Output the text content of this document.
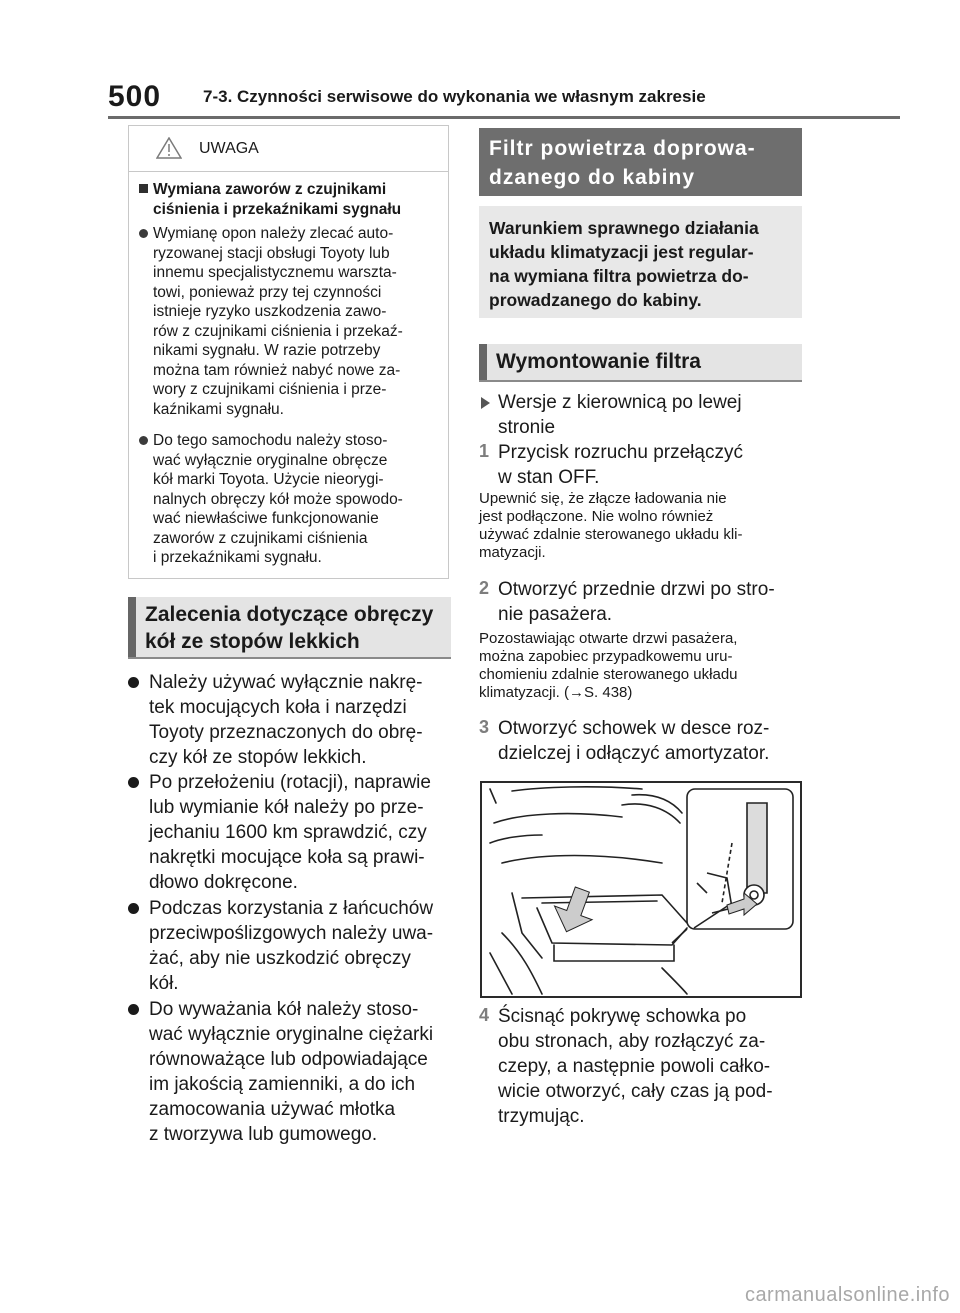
500 7-3. Czynności serwisowe do wykonania we własnym zakresie
UWAGA
Wymiana zaworów z czujnikami
ciśnienia i przekaźnikami sygnału
Wymianę opon należy zlecać auto-
ryzowanej stacji obsługi Toyoty lub
innemu specjalistycznemu warszta-
towi, ponieważ przy tej czynności
istnieje ryzyko uszkodzenia zawo-
rów z czujnikami ciśnienia i przekaź-
nikami sygnału. W razie potrzeby
można tam również nabyć nowe za-
wory z czujnikami ciśnienia i prze-
kaźnikami sygnału.
Do tego samochodu należy stoso-
wać wyłącznie oryginalne obręcze
kół marki Toyota. Użycie nieorygi-
nalnych obręczy kół może spowodo-
wać niewłaściwe funkcjonowanie
zaworów z czujnikami ciśnienia
i przekaźnikami sygnału.
Zalecenia dotyczące obręczy
kół ze stopów lekkich
Należy używać wyłącznie nakrę-
tek mocujących koła i narzędzi
Toyoty przeznaczonych do obrę-
czy kół ze stopów lekkich.
Po przełożeniu (rotacji), naprawie
lub wymianie kół należy po prze-
jechaniu 1600 km sprawdzić, czy
nakrętki mocujące koła są prawi-
dłowo dokręcone.
Podczas korzystania z łańcuchów
przeciwpoślizgowych należy uwa-
żać, aby nie uszkodzić obręczy
kół.
Do wyważania kół należy stoso-
wać wyłącznie oryginalne ciężarki
równoważące lub odpowiadające
im jakością zamienniki, a do ich
zamocowania używać młotka
z tworzywa lub gumowego.
Filtr powietrza doprowa-
dzanego do kabiny
Warunkiem sprawnego działania
układu klimatyzacji jest regular-
na wymiana filtra powietrza do-
prowadzanego do kabiny.
Wymontowanie filtra
Wersje z kierownicą po lewej
stronie
1 Przycisk rozruchu przełączyć
w stan OFF.
Upewnić się, że złącze ładowania nie
jest podłączone. Nie wolno również
używać zdalnie sterowanego układu kli-
matyzacji.
2 Otworzyć przednie drzwi po stro-
nie pasażera.
Pozostawiając otwarte drzwi pasażera,
można zapobiec przypadkowemu uru-
chomieniu zdalnie sterowanego układu
klimatyzacji. (→S. 438)
3 Otworzyć schowek w desce roz-
dzielczej i odłączyć amortyzator.
4 Ścisnąć pokrywę schowka po
obu stronach, aby rozłączyć za-
czepy, a następnie powoli całko-
wicie otworzyć, cały czas ją pod-
trzymując.
carmanualsonline.info
